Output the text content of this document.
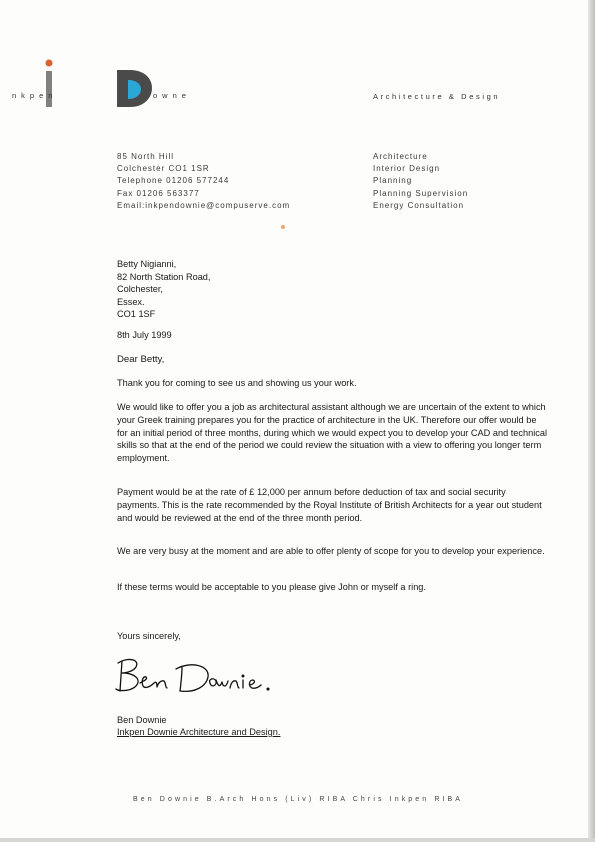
nkpen	owne	Architecture & Design
85 North Hill
Colchester CO1 1SR
Telephone 01206 577244
Fax 01206 563377
Email:inkpendownie@compuserve.com
Architecture
Interior Design
Planning
Planning Supervision
Energy Consultation
Betty Nigianni,
82 North Station Road,
Colchester,
Essex.
CO1 1SF
8th July 1999
Dear Betty,

Thank you for coming to see us and showing us your work.

We would like to offer you a job as architectural assistant although we are uncertain of the extent to which your Greek training prepares you for the practice of architecture in the UK. Therefore our offer would be for an initial period of three months, during which we would expect you to develop your CAD and technical skills so that at the end of the period we could review the situation with a view to offering you longer term employment.

Payment would be at the rate of £ 12,000 per annum before deduction of tax and social security payments. This is the rate recommended by the Royal Institute of British Architects for a year out student and would be reviewed at the end of the three month period.

We are very busy at the moment and are able to offer plenty of scope for you to develop your experience.

If these terms would be acceptable to you please give John or myself a ring.

Yours sincerely,
Ben Downie
Inkpen Downie Architecture and Design.
Ben Downie B.Arch Hons (Liv) RIBA Chris Inkpen RIBA
